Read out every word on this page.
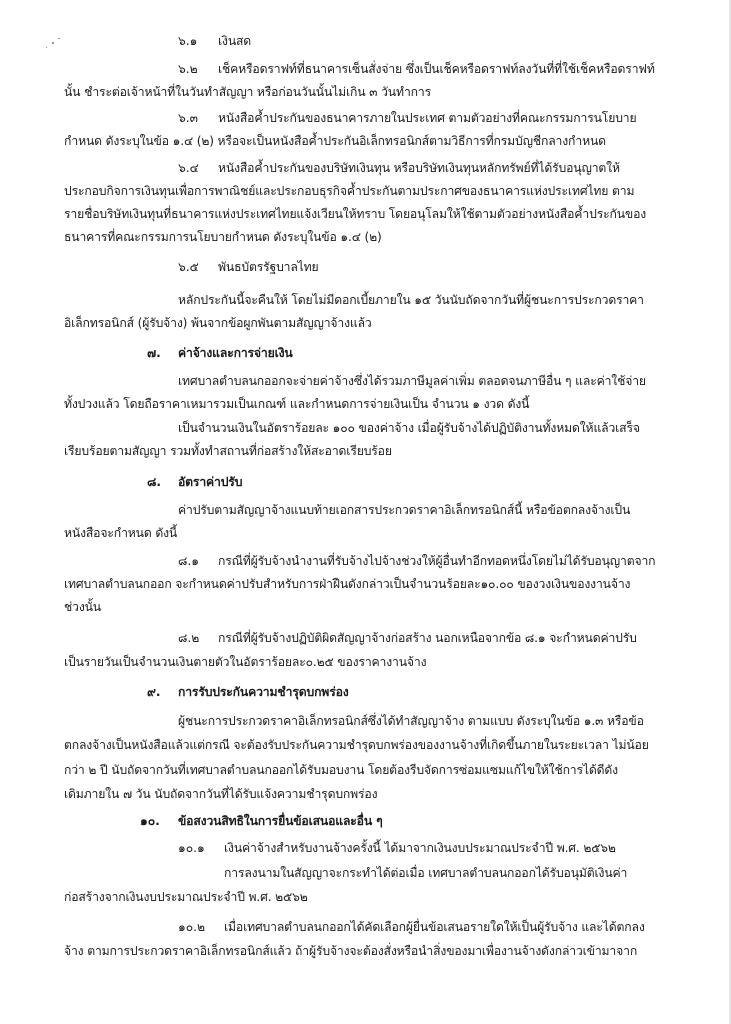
๖.๑ เงินสด
๖.๒ เช็คหรือดราฟท์ที่ธนาคารเซ็นสั่งจ่าย ซึ่งเป็นเช็คหรือดราฟท์ลงวันที่ที่ใช้เช็คหรือดราฟท์
นั้น ชำระต่อเจ้าหน้าที่ในวันทำสัญญา หรือก่อนวันนั้นไม่เกิน ๓ วันทำการ
๖.๓ หนังสือค้ำประกันของธนาคารภายในประเทศ ตามตัวอย่างที่คณะกรรมการนโยบาย
กำหนด ดังระบุในข้อ ๑.๔ (๒) หรือจะเป็นหนังสือค้ำประกันอิเล็กทรอนิกส์ตามวิธีการที่กรมบัญชีกลางกำหนด
๖.๔ หนังสือค้ำประกันของบริษัทเงินทุน หรือบริษัทเงินทุนหลักทรัพย์ที่ได้รับอนุญาตให้
ประกอบกิจการเงินทุนเพื่อการพาณิชย์และประกอบธุรกิจค้ำประกันตามประกาศของธนาคารแห่งประเทศไทย ตาม
รายชื่อบริษัทเงินทุนที่ธนาคารแห่งประเทศไทยแจ้งเวียนให้ทราบ โดยอนุโลมให้ใช้ตามตัวอย่างหนังสือค้ำประกันของ
ธนาคารที่คณะกรรมการนโยบายกำหนด ดังระบุในข้อ ๑.๔ (๒)
๖.๕ พันธบัตรรัฐบาลไทย
หลักประกันนี้จะคืนให้ โดยไม่มีดอกเบี้ยภายใน ๑๕ วันนับถัดจากวันที่ผู้ชนะการประกวดราคา
อิเล็กทรอนิกส์ (ผู้รับจ้าง) พ้นจากข้อผูกพันตามสัญญาจ้างแล้ว
๗. ค่าจ้างและการจ่ายเงิน
เทศบาลตำบลนกออกจะจ่ายค่าจ้างซึ่งได้รวมภาษีมูลค่าเพิ่ม ตลอดจนภาษีอื่น ๆ และค่าใช้จ่าย
ทั้งปวงแล้ว โดยถือราคาเหมารวมเป็นเกณฑ์ และกำหนดการจ่ายเงินเป็น จำนวน ๑ งวด ดังนี้
เป็นจำนวนเงินในอัตราร้อยละ ๑๐๐ ของค่าจ้าง เมื่อผู้รับจ้างได้ปฏิบัติงานทั้งหมดให้แล้วเสร็จ
เรียบร้อยตามสัญญา รวมทั้งทำสถานที่ก่อสร้างให้สะอาดเรียบร้อย
๘. อัตราค่าปรับ
ค่าปรับตามสัญญาจ้างแนบท้ายเอกสารประกวดราคาอิเล็กทรอนิกส์นี้ หรือข้อตกลงจ้างเป็น
หนังสือจะกำหนด ดังนี้
๘.๑ กรณีที่ผู้รับจ้างนำงานที่รับจ้างไปจ้างช่วงให้ผู้อื่นทำอีกทอดหนึ่งโดยไม่ได้รับอนุญาตจาก
เทศบาลตำบลนกออก จะกำหนดค่าปรับสำหรับการฝ่าฝืนดังกล่าวเป็นจำนวนร้อยละ๑๐.๐๐ ของวงเงินของงานจ้าง
ช่วงนั้น
๘.๒ กรณีที่ผู้รับจ้างปฏิบัติผิดสัญญาจ้างก่อสร้าง นอกเหนือจากข้อ ๘.๑ จะกำหนดค่าปรับ
เป็นรายวันเป็นจำนวนเงินตายตัวในอัตราร้อยละ๐.๒๕ ของราคางานจ้าง
๙. การรับประกันความชำรุดบกพร่อง
ผู้ชนะการประกวดราคาอิเล็กทรอนิกส์ซึ่งได้ทำสัญญาจ้าง ตามแบบ ดังระบุในข้อ ๑.๓ หรือข้อ
ตกลงจ้างเป็นหนังสือแล้วแต่กรณี จะต้องรับประกันความชำรุดบกพร่องของงานจ้างที่เกิดขึ้นภายในระยะเวลา ไม่น้อย
กว่า ๒ ปี นับถัดจากวันที่เทศบาลตำบลนกออกได้รับมอบงาน โดยต้องรีบจัดการซ่อมแซมแก้ไขให้ใช้การได้ดีดัง
เดิมภายใน ๗ วัน นับถัดจากวันที่ได้รับแจ้งความชำรุดบกพร่อง
๑๐. ข้อสงวนสิทธิในการยื่นข้อเสนอและอื่น ๆ
๑๐.๑ เงินค่าจ้างสำหรับงานจ้างครั้งนี้ ได้มาจากเงินงบประมาณประจำปี พ.ศ. ๒๕๖๒
การลงนามในสัญญาจะกระทำได้ต่อเมื่อ เทศบาลตำบลนกออกได้รับอนุมัติเงินค่า
ก่อสร้างจากเงินงบประมาณประจำปี พ.ศ. ๒๕๖๒
๑๐.๒ เมื่อเทศบาลตำบลนกออกได้คัดเลือกผู้ยื่นข้อเสนอรายใดให้เป็นผู้รับจ้าง และได้ตกลง
จ้าง ตามการประกวดราคาอิเล็กทรอนิกส์แล้ว ถ้าผู้รับจ้างจะต้องสั่งหรือนำสิ่งของมาเพื่องานจ้างดังกล่าวเข้ามาจาก
